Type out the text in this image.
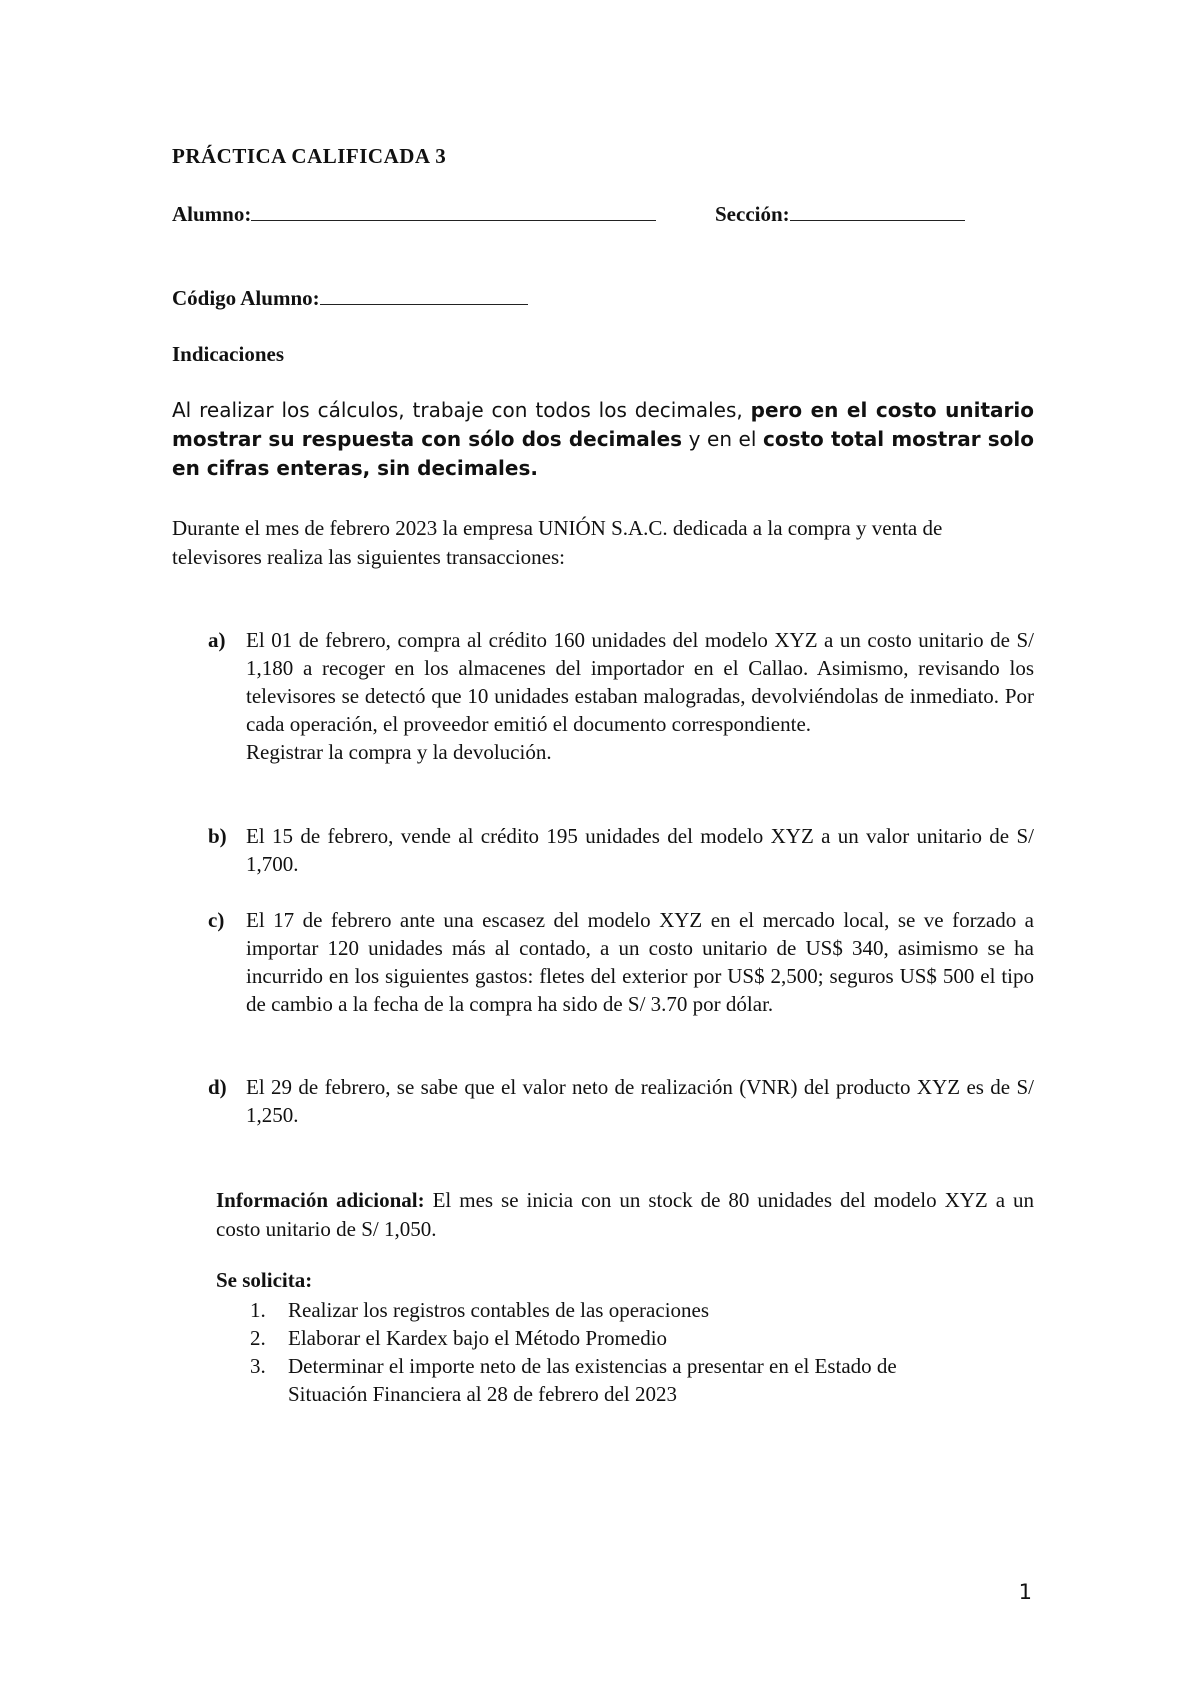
PRÁCTICA CALIFICADA 3
Alumno:	Sección:
Código Alumno:
Indicaciones
Al realizar los cálculos, trabaje con todos los decimales, pero en el costo unitario mostrar su respuesta con sólo dos decimales y en el costo total mostrar solo en cifras enteras, sin decimales.
Durante el mes de febrero 2023 la empresa UNIÓN S.A.C. dedicada a la compra y venta de televisores realiza las siguientes transacciones:
a) El 01 de febrero, compra al crédito 160 unidades del modelo XYZ a un costo unitario de S/ 1,180 a recoger en los almacenes del importador en el Callao. Asimismo, revisando los televisores se detectó que 10 unidades estaban malogradas, devolviéndolas de inmediato. Por cada operación, el proveedor emitió el documento correspondiente.
Registrar la compra y la devolución.
b) El 15 de febrero, vende al crédito 195 unidades del modelo XYZ a un valor unitario de S/ 1,700.
c) El 17 de febrero ante una escasez del modelo XYZ en el mercado local, se ve forzado a importar 120 unidades más al contado, a un costo unitario de US$ 340, asimismo se ha incurrido en los siguientes gastos: fletes del exterior por US$ 2,500; seguros US$ 500 el tipo de cambio a la fecha de la compra ha sido de S/ 3.70 por dólar.
d) El 29 de febrero, se sabe que el valor neto de realización (VNR) del producto XYZ es de S/ 1,250.
Información adicional: El mes se inicia con un stock de 80 unidades del modelo XYZ a un costo unitario de S/ 1,050.
Se solicita:
1. Realizar los registros contables de las operaciones
2. Elaborar el Kardex bajo el Método Promedio
3.	Determinar el importe neto de las existencias a presentar en el Estado de
Situación Financiera al 28 de febrero del 2023
1
